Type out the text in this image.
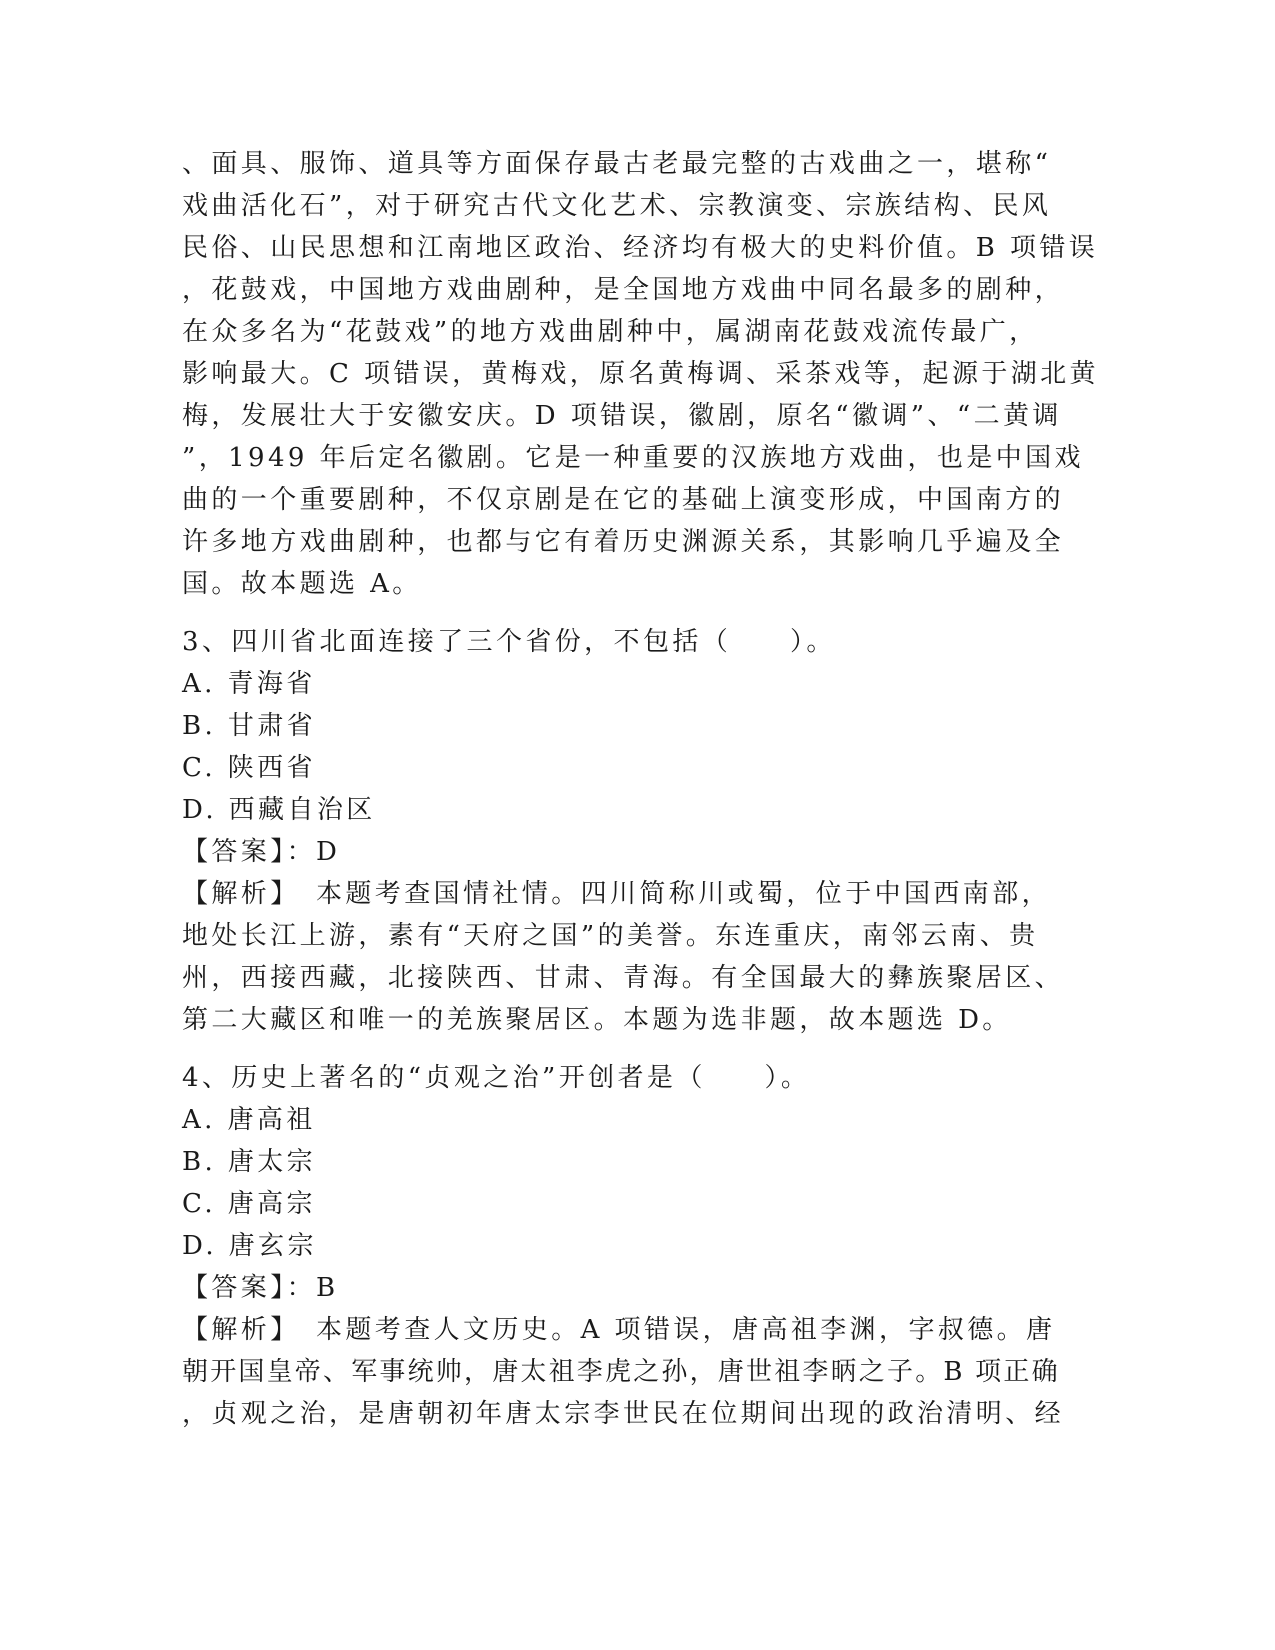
、面具、服饰、道具等方面保存最古老最完整的古戏曲之一，堪称“
戏曲活化石”，对于研究古代文化艺术、宗教演变、宗族结构、民风
民俗、山民思想和江南地区政治、经济均有极大的史料价值。B 项错误
，花鼓戏，中国地方戏曲剧种，是全国地方戏曲中同名最多的剧种，
在众多名为“花鼓戏”的地方戏曲剧种中，属湖南花鼓戏流传最广，
影响最大。C 项错误，黄梅戏，原名黄梅调、采茶戏等，起源于湖北黄
梅，发展壮大于安徽安庆。D 项错误，徽剧，原名“徽调”、“二黄调
”，1949 年后定名徽剧。它是一种重要的汉族地方戏曲，也是中国戏
曲的一个重要剧种，不仅京剧是在它的基础上演变形成，中国南方的
许多地方戏曲剧种，也都与它有着历史渊源关系，其影响几乎遍及全
国。故本题选 A。
3、四川省北面连接了三个省份，不包括（　　）。
A. 青海省
B. 甘肃省
C. 陕西省
D. 西藏自治区
【答案】：D
【解析】　本题考查国情社情。四川简称川或蜀，位于中国西南部，
地处长江上游，素有“天府之国”的美誉。东连重庆，南邻云南、贵
州，西接西藏，北接陕西、甘肃、青海。有全国最大的彝族聚居区、
第二大藏区和唯一的羌族聚居区。本题为选非题，故本题选 D。
4、历史上著名的“贞观之治”开创者是（　　）。
A. 唐高祖
B. 唐太宗
C. 唐高宗
D. 唐玄宗
【答案】：B
【解析】　本题考查人文历史。A 项错误，唐高祖李渊，字叔德。唐
朝开国皇帝、军事统帅，唐太祖李虎之孙，唐世祖李昞之子。B 项正确
，贞观之治，是唐朝初年唐太宗李世民在位期间出现的政治清明、经
